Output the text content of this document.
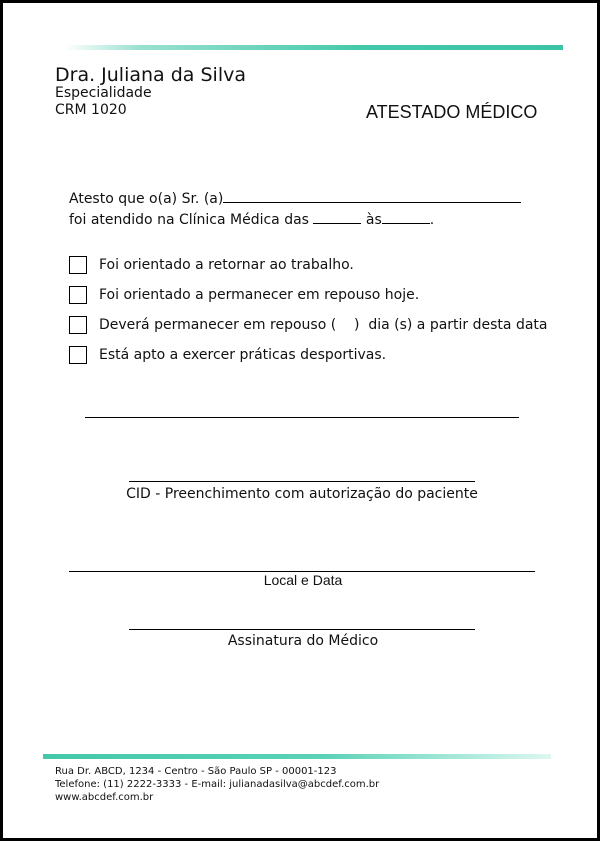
Dra. Juliana da Silva
Especialidade
CRM 1020	ATESTADO MÉDICO
Atesto que o(a) Sr. (a)
foi atendido na Clínica Médica das	às	.
Foi orientado a retornar ao trabalho.
Foi orientado a permanecer em repouso hoje.
Deverá permanecer em repouso (    )  dia (s) a partir desta data
Está apto a exercer práticas desportivas.
CID - Preenchimento com autorização do paciente
Local e Data
Assinatura do Médico
Rua Dr. ABCD, 1234 - Centro - São Paulo SP - 00001-123
Telefone: (11) 2222-3333 - E-mail: julianadasilva@abcdef.com.br
www.abcdef.com.br
